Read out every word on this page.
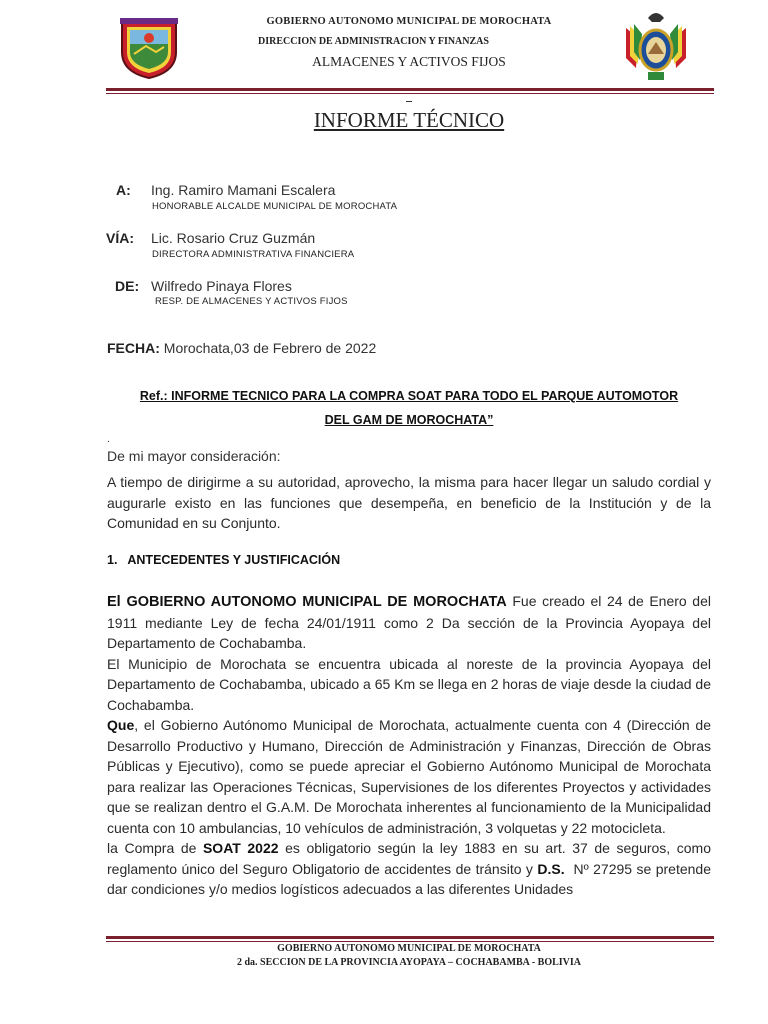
GOBIERNO AUTONOMO MUNICIPAL DE MOROCHATA
DIRECCION DE ADMINISTRACION Y FINANZAS
ALMACENES Y ACTIVOS FIJOS
INFORME TÉCNICO
A: Ing. Ramiro Mamani Escalera
HONORABLE ALCALDE MUNICIPAL DE MOROCHATA
VÍA: Lic. Rosario Cruz Guzmán
DIRECTORA ADMINISTRATIVA FINANCIERA
DE: Wilfredo Pinaya Flores
RESP. DE ALMACENES Y ACTIVOS FIJOS
FECHA: Morochata,03 de Febrero de 2022
Ref.: INFORME TECNICO PARA LA COMPRA SOAT PARA TODO EL PARQUE AUTOMOTOR
DEL GAM DE MOROCHATA”
.
De mi mayor consideración:
A tiempo de dirigirme a su autoridad, aprovecho, la misma para hacer llegar un saludo cordial y augurarle existo en las funciones que desempeña, en beneficio de la Institución y de la Comunidad en su Conjunto.
1.   ANTECEDENTES Y JUSTIFICACIÓN
El GOBIERNO AUTONOMO MUNICIPAL DE MOROCHATA Fue creado el 24 de Enero del 1911 mediante Ley de fecha 24/01/1911 como 2 Da sección de la Provincia Ayopaya del Departamento de Cochabamba.
El Municipio de Morochata se encuentra ubicada al noreste de la provincia Ayopaya del Departamento de Cochabamba, ubicado a 65 Km se llega en 2 horas de viaje desde la ciudad de Cochabamba.
Que, el Gobierno Autónomo Municipal de Morochata, actualmente cuenta con 4 (Dirección de Desarrollo Productivo y Humano, Dirección de Administración y Finanzas, Dirección de Obras Públicas y Ejecutivo), como se puede apreciar el Gobierno Autónomo Municipal de Morochata para realizar las Operaciones Técnicas, Supervisiones de los diferentes Proyectos y actividades que se realizan dentro el G.A.M. De Morochata inherentes al funcionamiento de la Municipalidad cuenta con 10 ambulancias, 10 vehículos de administración, 3 volquetas y 22 motocicleta.
la Compra de SOAT 2022 es obligatorio según la ley 1883 en su art. 37 de seguros, como reglamento único del Seguro Obligatorio de accidentes de tránsito y D.S.  Nº 27295 se pretende dar condiciones y/o medios logísticos adecuados a las diferentes Unidades
GOBIERNO AUTONOMO MUNICIPAL DE MOROCHATA
2 da. SECCION DE LA PROVINCIA AYOPAYA – COCHABAMBA - BOLIVIA
